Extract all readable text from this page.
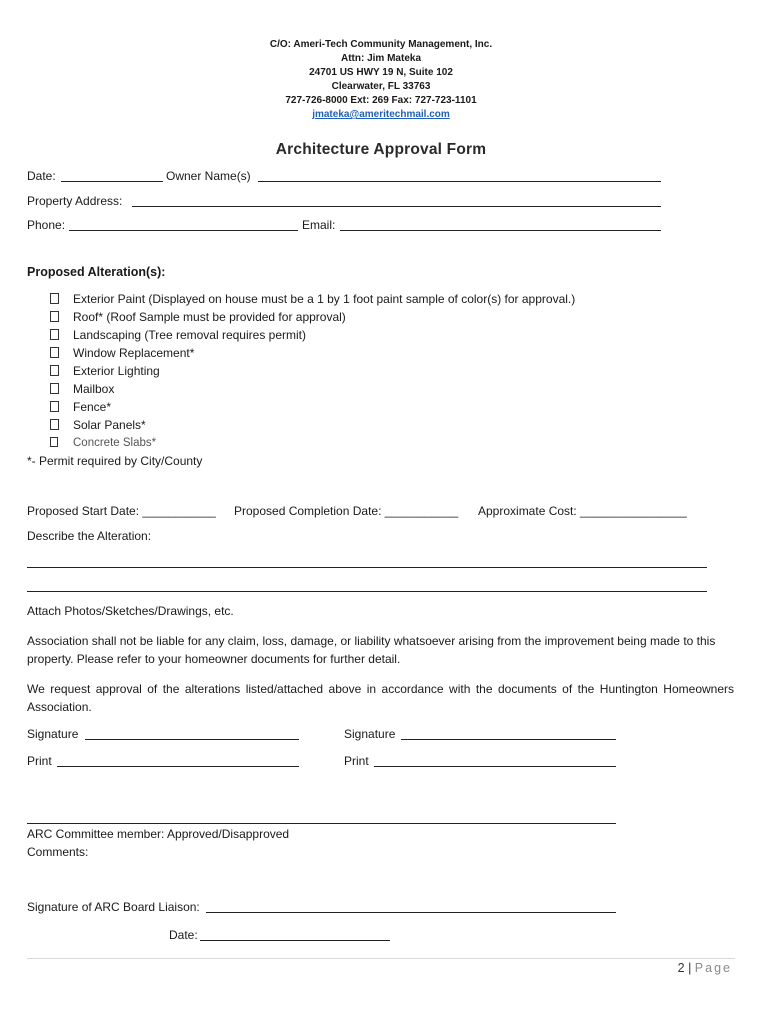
C/O: Ameri-Tech Community Management, Inc.
Attn: Jim Mateka
24701 US HWY 19 N, Suite 102
Clearwater, FL 33763
727-726-8000 Ext: 269 Fax: 727-723-1101
jmateka@ameritechmail.com
Architecture Approval Form
Date:	Owner Name(s)
Property Address:
Phone:	Email:
Proposed Alteration(s):
Exterior Paint (Displayed on house must be a 1 by 1 foot paint sample of color(s) for approval.)
Roof* (Roof Sample must be provided for approval)
Landscaping (Tree removal requires permit)
Window Replacement*
Exterior Lighting
Mailbox
Fence*
Solar Panels*
Concrete Slabs*
*- Permit required by City/County
Proposed Start Date: ___________ Proposed Completion Date: ___________ Approximate Cost: ________________
Describe the Alteration:
Attach Photos/Sketches/Drawings, etc.
Association shall not be liable for any claim, loss, damage, or liability whatsoever arising from the improvement being made to this property. Please refer to your homeowner documents for further detail.
We request approval of the alterations listed/attached above in accordance with the documents of the Huntington Homeowners Association.
Signature	Signature
Print	Print
ARC Committee member: Approved/Disapproved
Comments:
Signature of ARC Board Liaison:
Date:
2 | Page
